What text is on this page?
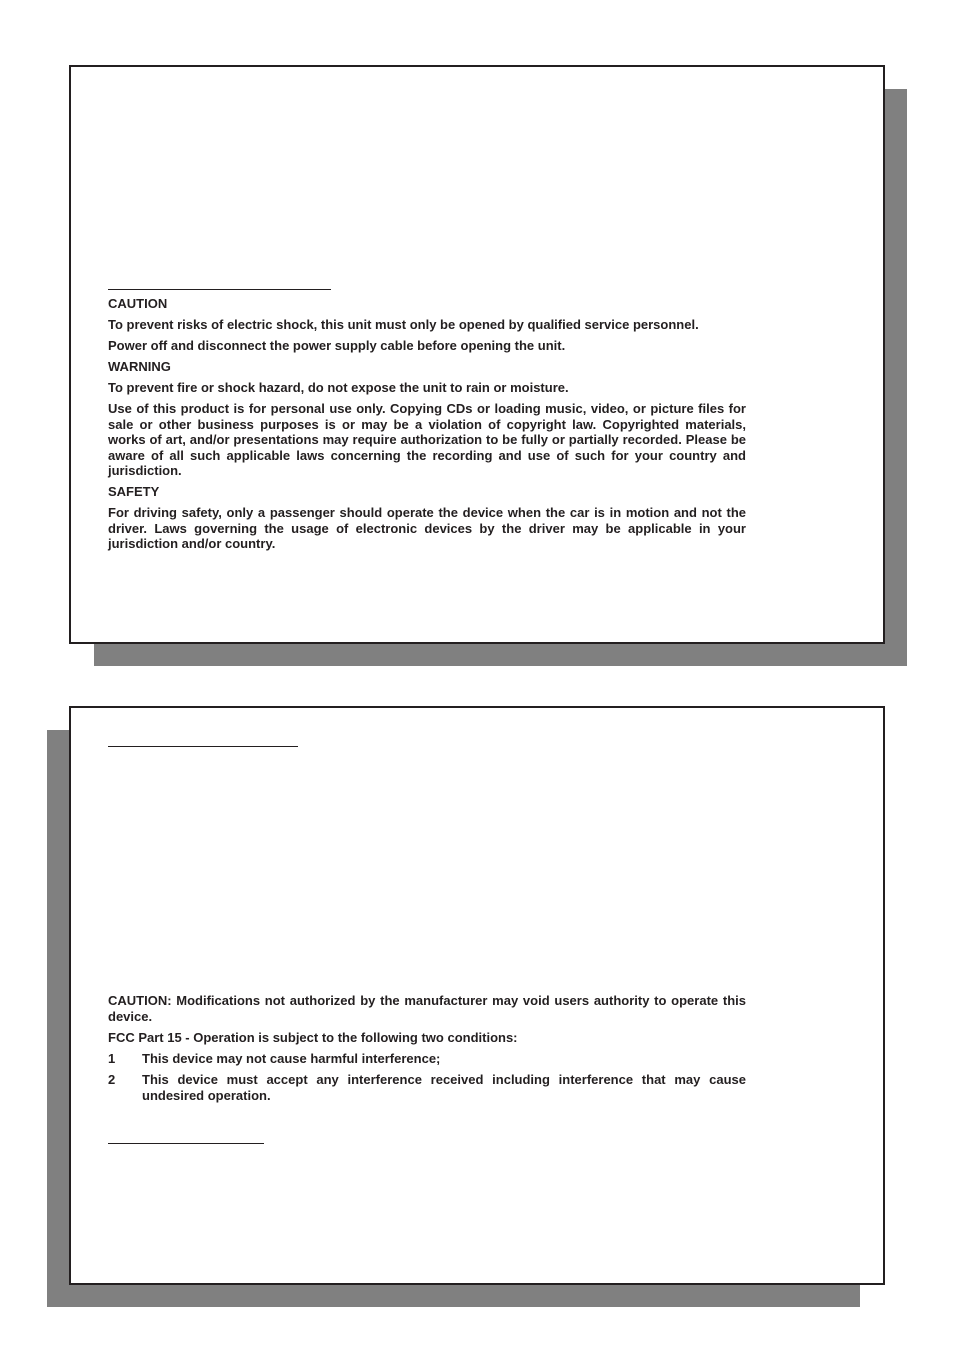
CAUTION

To prevent risks of electric shock, this unit must only be opened by qualified service personnel.

Power off and disconnect the power supply cable before opening the unit.

WARNING

To prevent fire or shock hazard, do not expose the unit to rain or moisture.

Use of this product is for personal use only. Copying CDs or loading music, video, or picture files for sale or other business purposes is or may be a violation of copyright law. Copyrighted materials, works of art, and/or presentations may require authorization to be fully or partially recorded. Please be aware of all such applicable laws concerning the recording and use of such for your country and jurisdiction.

SAFETY

For driving safety, only a passenger should operate the device when the car is in motion and not the driver. Laws governing the usage of electronic devices by the driver may be applicable in your jurisdiction and/or country.

CAUTION: Modifications not authorized by the manufacturer may void users authority to operate this device.

FCC Part 15 - Operation is subject to the following two conditions:

1 This device may not cause harmful interference;
2 This device must accept any interference received including interference that may cause undesired operation.
